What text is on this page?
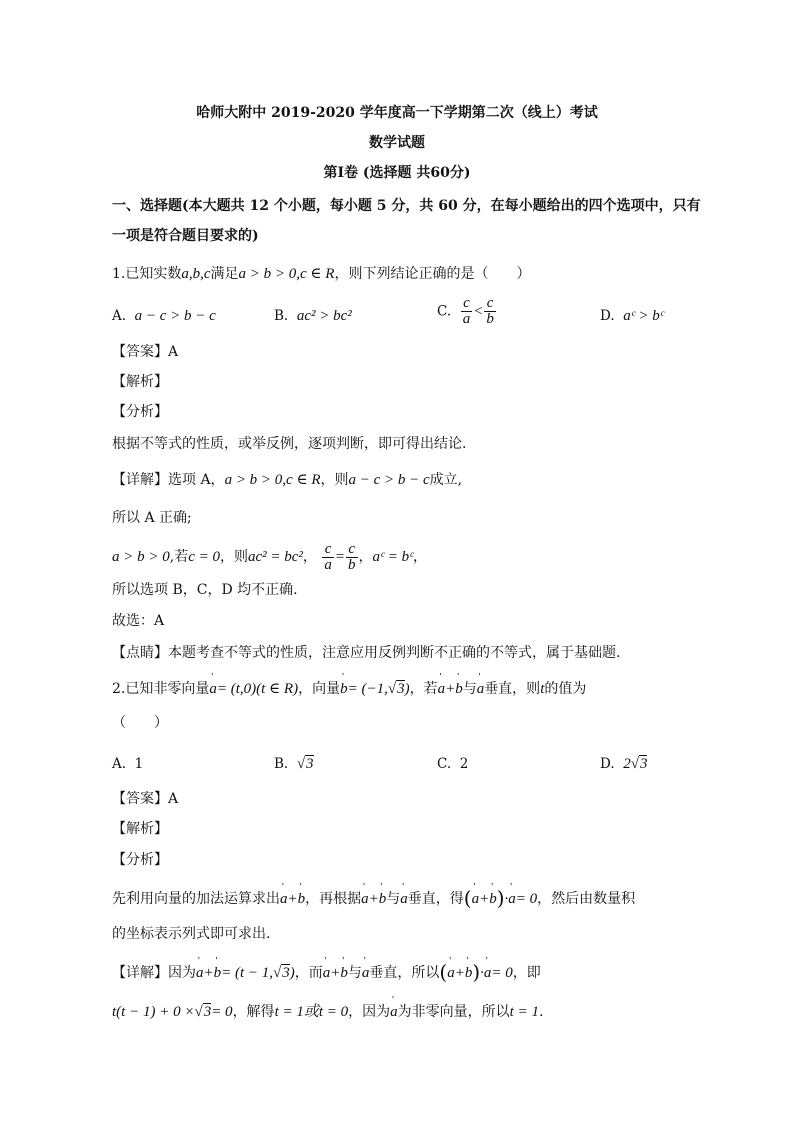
哈师大附中 2019-2020 学年度高一下学期第二次（线上）考试
数学试题
第Ⅰ卷 (选择题 共60分)
一、选择题(本大题共 12 个小题，每小题 5 分，共 60 分，在每小题给出的四个选项中，只有
一项是符合题目要求的)
1.已知实数a,b,c满足a > b > 0,c ∈ R，则下列结论正确的是（　　）
A. a − c > b − c	B. ac² > bc²	C. $\frac{c}{a} < \frac{c}{b}$	D. aᶜ > bᶜ
【答案】A
【解析】
【分析】
根据不等式的性质，或举反例，逐项判断，即可得出结论.
【详解】选项 A，a > b > 0,c ∈ R，则a − c > b − c成立,
所以 A 正确;
a > b > 0,若c = 0，则ac² = bc²， $\frac{c}{a} = \frac{c}{b}$ ，aᶜ = bᶜ，
所以选项 B，C，D 均不正确.
故选：A
【点睛】本题考查不等式的性质，注意应用反例判断不正确的不等式，属于基础题.
2.已知非零向量' a= (t,0)(t ∈ R)，向量' b= (−1,√3)，若' a+' b与' a垂直，则t的值为
（　　）
A. 1	B. √3	C. 2	D. 2√3
【答案】A
【解析】
【分析】
先利用向量的加法运算求出' a+' b，再根据' a+' b与' a垂直，得(' a+' b)·' a= 0，然后由数量积
的坐标表示列式即可求出.
【详解】因为' a+' b= (t − 1,√3)，而' a+' b与' a垂直，所以(' a+' b)·' a= 0，即
t(t − 1) + 0 ×√3= 0，解得t = 1或t = 0，因为' a为非零向量，所以t = 1.
